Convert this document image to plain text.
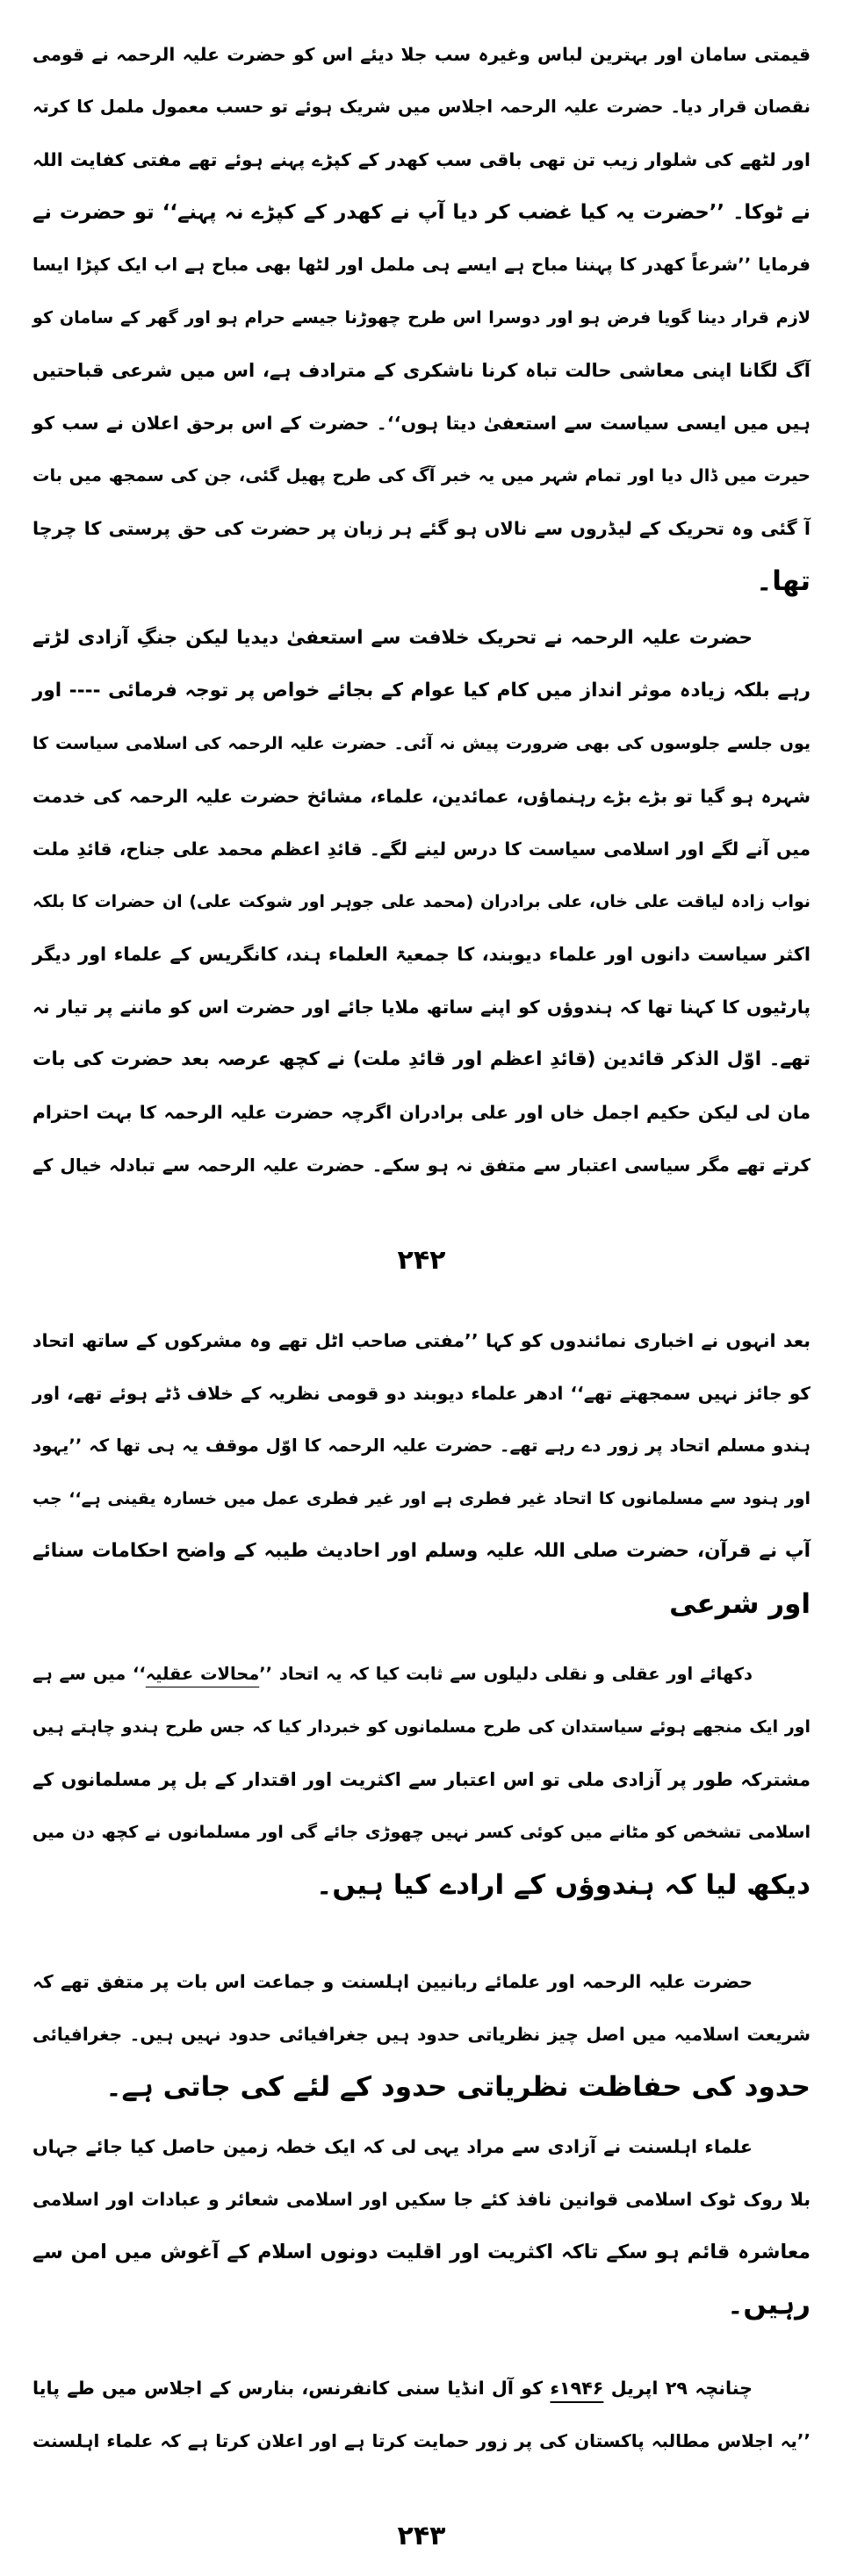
۲۴۲
۲۴۳
قیمتی سامان اور بہترین لباس وغیرہ سب جلا دیئے اس کو حضرت علیہ الرحمہ نے قومی
نقصان قرار دیا۔ حضرت علیہ الرحمہ اجلاس میں شریک ہوئے تو حسب معمول ململ کا کرتہ
اور لٹھے کی شلوار زیب تن تھی باقی سب کھدر کے کپڑے پہنے ہوئے تھے مفتی کفایت اللہ
نے ٹوکا۔ ’’حضرت یہ کیا غضب کر دیا آپ نے کھدر کے کپڑے نہ پہنے‘‘ تو حضرت نے
فرمایا ’’شرعاً کھدر کا پہننا مباح ہے ایسے ہی ململ اور لٹھا بھی مباح ہے اب ایک کپڑا ایسا
لازم قرار دینا گویا فرض ہو اور دوسرا اس طرح چھوڑنا جیسے حرام ہو اور گھر کے سامان کو
آگ لگانا اپنی معاشی حالت تباہ کرنا ناشکری کے مترادف ہے، اس میں شرعی قباحتیں
ہیں میں ایسی سیاست سے استعفیٰ دیتا ہوں‘‘۔ حضرت کے اس برحق اعلان نے سب کو
حیرت میں ڈال دیا اور تمام شہر میں یہ خبر آگ کی طرح پھیل گئی، جن کی سمجھ میں بات
آ گئی وہ تحریک کے لیڈروں سے نالاں ہو گئے ہر زبان پر حضرت کی حق پرستی کا چرچا
تھا۔
حضرت علیہ الرحمہ نے تحریک خلافت سے استعفیٰ دیدیا لیکن جنگِ آزادی لڑتے
رہے بلکہ زیادہ موثر انداز میں کام کیا عوام کے بجائے خواص پر توجہ فرمائی ---- اور
یوں جلسے جلوسوں کی بھی ضرورت پیش نہ آئی۔ حضرت علیہ الرحمہ کی اسلامی سیاست کا
شہرہ ہو گیا تو بڑے بڑے رہنماؤں، عمائدین، علماء، مشائخ حضرت علیہ الرحمہ کی خدمت
میں آنے لگے اور اسلامی سیاست کا درس لینے لگے۔ قائدِ اعظم محمد علی جناح، قائدِ ملت
نواب زادہ لیاقت علی خاں، علی برادران (محمد علی جوہر اور شوکت علی) ان حضرات کا بلکہ
اکثر سیاست دانوں اور علماء دیوبند، کا جمعیۃ العلماء ہند، کانگریس کے علماء اور دیگر
پارٹیوں کا کہنا تھا کہ ہندوؤں کو اپنے ساتھ ملایا جائے اور حضرت اس کو ماننے پر تیار نہ
تھے۔ اوّل الذکر قائدین (قائدِ اعظم اور قائدِ ملت) نے کچھ عرصہ بعد حضرت کی بات
مان لی لیکن حکیم اجمل خاں اور علی برادران اگرچہ حضرت علیہ الرحمہ کا بہت احترام
کرتے تھے مگر سیاسی اعتبار سے متفق نہ ہو سکے۔ حضرت علیہ الرحمہ سے تبادلہ خیال کے
بعد انہوں نے اخباری نمائندوں کو کہا ’’مفتی صاحب اٹل تھے وہ مشرکوں کے ساتھ اتحاد
کو جائز نہیں سمجھتے تھے‘‘ ادھر علماء دیوبند دو قومی نظریہ کے خلاف ڈٹے ہوئے تھے، اور
ہندو مسلم اتحاد پر زور دے رہے تھے۔ حضرت علیہ الرحمہ کا اوّل موقف یہ ہی تھا کہ ’’یہود
اور ہنود سے مسلمانوں کا اتحاد غیر فطری ہے اور غیر فطری عمل میں خسارہ یقینی ہے‘‘ جب
آپ نے قرآن، حضرت صلی اللہ علیہ وسلم اور احادیث طیبہ کے واضح احکامات سنائے
اور شرعی
دکھائے اور عقلی و نقلی دلیلوں سے ثابت کیا کہ یہ اتحاد ’’محالات عقلیہ‘‘ میں سے ہے
اور ایک منجھے ہوئے سیاستدان کی طرح مسلمانوں کو خبردار کیا کہ جس طرح ہندو چاہتے ہیں
مشترکہ طور پر آزادی ملی تو اس اعتبار سے اکثریت اور اقتدار کے بل پر مسلمانوں کے
اسلامی تشخص کو مٹانے میں کوئی کسر نہیں چھوڑی جائے گی اور مسلمانوں نے کچھ دن میں
دیکھ لیا کہ ہندوؤں کے ارادے کیا ہیں۔
حضرت علیہ الرحمہ اور علمائے ربانیین اہلسنت و جماعت اس بات پر متفق تھے کہ
شریعت اسلامیہ میں اصل چیز نظریاتی حدود ہیں جغرافیائی حدود نہیں ہیں۔ جغرافیائی
حدود کی حفاظت نظریاتی حدود کے لئے کی جاتی ہے۔
علماء اہلسنت نے آزادی سے مراد یہی لی کہ ایک خطہ زمین حاصل کیا جائے جہاں
بلا روک ٹوک اسلامی قوانین نافذ کئے جا سکیں اور اسلامی شعائر و عبادات اور اسلامی
معاشرہ قائم ہو سکے تاکہ اکثریت اور اقلیت دونوں اسلام کے آغوش میں امن سے
رہیں۔
چنانچہ ۲۹ اپریل ۱۹۴۶ء کو آل انڈیا سنی کانفرنس، بنارس کے اجلاس میں طے پایا
’’یہ اجلاس مطالبہ پاکستان کی پر زور حمایت کرتا ہے اور اعلان کرتا ہے کہ علماء اہلسنت
